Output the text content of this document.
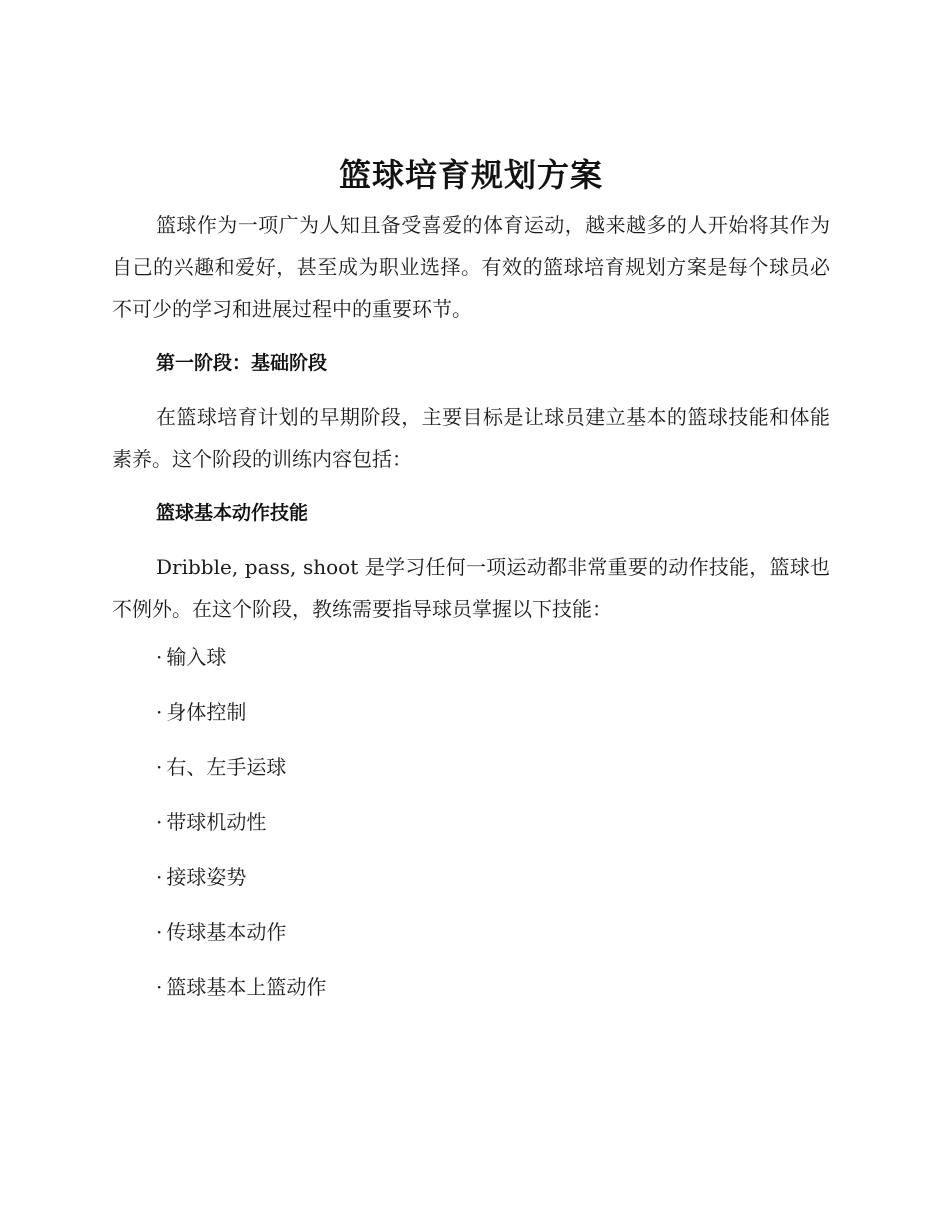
篮球培育规划方案

篮球作为一项广为人知且备受喜爱的体育运动，越来越多的人开始将其作为自己的兴趣和爱好，甚至成为职业选择。有效的篮球培育规划方案是每个球员必不可少的学习和进展过程中的重要环节。

第一阶段：基础阶段

在篮球培育计划的早期阶段，主要目标是让球员建立基本的篮球技能和体能素养。这个阶段的训练内容包括：

篮球基本动作技能

Dribble, pass, shoot 是学习任何一项运动都非常重要的动作技能，篮球也不例外。在这个阶段，教练需要指导球员掌握以下技能：

· 输入球
· 身体控制
· 右、左手运球
· 带球机动性
· 接球姿势
· 传球基本动作
· 篮球基本上篮动作
